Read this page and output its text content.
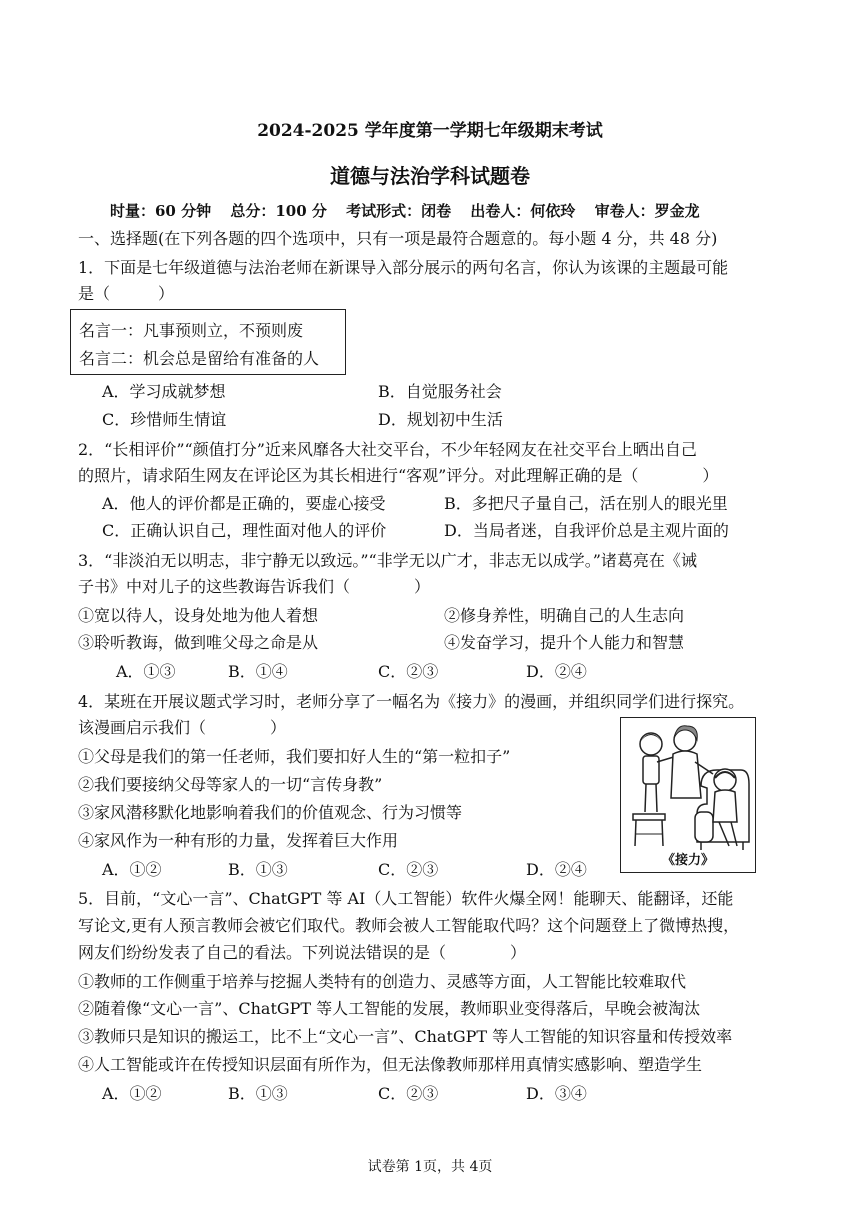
2024-2025 学年度第一学期七年级期末考试
道德与法治学科试题卷
时量：60 分钟 总分：100 分 考试形式：闭卷 出卷人：何依玲 审卷人：罗金龙
一、选择题(在下列各题的四个选项中，只有一项是最符合题意的。每小题 4 分，共 48 分)
1．下面是七年级道德与法治老师在新课导入部分展示的两句名言，你认为该课的主题最可能
是（　　　）
名言一：凡事预则立，不预则废
名言二：机会总是留给有准备的人
A．学习成就梦想	B．自觉服务社会
C．珍惜师生情谊	D．规划初中生活
2．“长相评价”“颜值打分”近来风靡各大社交平台，不少年轻网友在社交平台上晒出自己
的照片，请求陌生网友在评论区为其长相进行“客观”评分。对此理解正确的是（　　　　）
A．他人的评价都是正确的，要虚心接受	B．多把尺子量自己，活在别人的眼光里
C．正确认识自己，理性面对他人的评价	D．当局者迷，自我评价总是主观片面的
3．“非淡泊无以明志，非宁静无以致远。”“非学无以广才，非志无以成学。”诸葛亮在《诫
子书》中对儿子的这些教诲告诉我们（　　　　）
①宽以待人，设身处地为他人着想	②修身养性，明确自己的人生志向
③聆听教诲，做到唯父母之命是从	④发奋学习，提升个人能力和智慧
A．①③	B．①④	C．②③	D．②④
4．某班在开展议题式学习时，老师分享了一幅名为《接力》的漫画，并组织同学们进行探究。
该漫画启示我们（　　　　）
①父母是我们的第一任老师，我们要扣好人生的“第一粒扣子”
②我们要接纳父母等家人的一切“言传身教”
③家风潜移默化地影响着我们的价值观念、行为习惯等
④家风作为一种有形的力量，发挥着巨大作用
A．①②	B．①③	C．②③	D．②④	《接力》
5．目前，“文心一言”、ChatGPT 等 AI（人工智能）软件火爆全网！能聊天、能翻译，还能
写论文,更有人预言教师会被它们取代。教师会被人工智能取代吗？这个问题登上了微博热搜，
网友们纷纷发表了自己的看法。下列说法错误的是（　　　　）
①教师的工作侧重于培养与挖掘人类特有的创造力、灵感等方面，人工智能比较难取代
②随着像“文心一言”、ChatGPT 等人工智能的发展，教师职业变得落后，早晚会被淘汰
③教师只是知识的搬运工，比不上“文心一言”、ChatGPT 等人工智能的知识容量和传授效率
④人工智能或许在传授知识层面有所作为，但无法像教师那样用真情实感影响、塑造学生
A．①②	B．①③	C．②③	D．③④
试卷第 1页，共 4页
